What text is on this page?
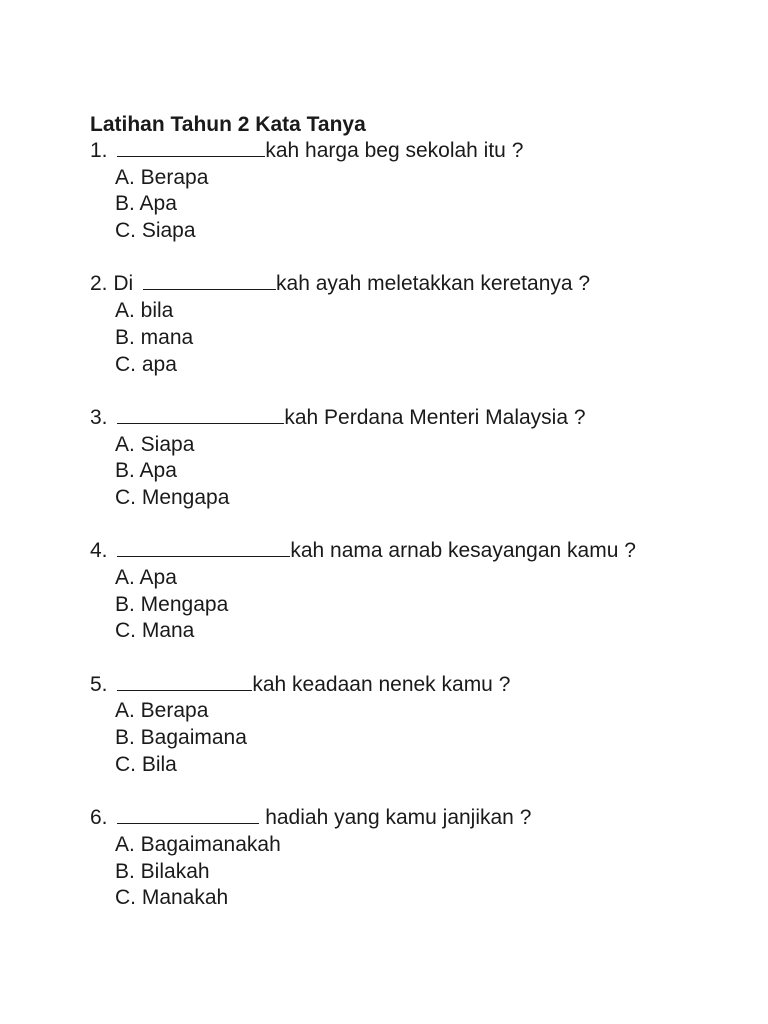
Latihan Tahun 2 Kata Tanya
1.	kah harga beg sekolah itu ?
A. Berapa
B. Apa
C. Siapa
2. Di	kah ayah meletakkan keretanya ?
A. bila
B. mana
C. apa
3.	kah Perdana Menteri Malaysia ?
A. Siapa
B. Apa
C. Mengapa
4.	kah nama arnab kesayangan kamu ?
A. Apa
B. Mengapa
C. Mana
5.	kah keadaan nenek kamu ?
A. Berapa
B. Bagaimana
C. Bila
6.	hadiah yang kamu janjikan ?
A. Bagaimanakah
B. Bilakah
C. Manakah
